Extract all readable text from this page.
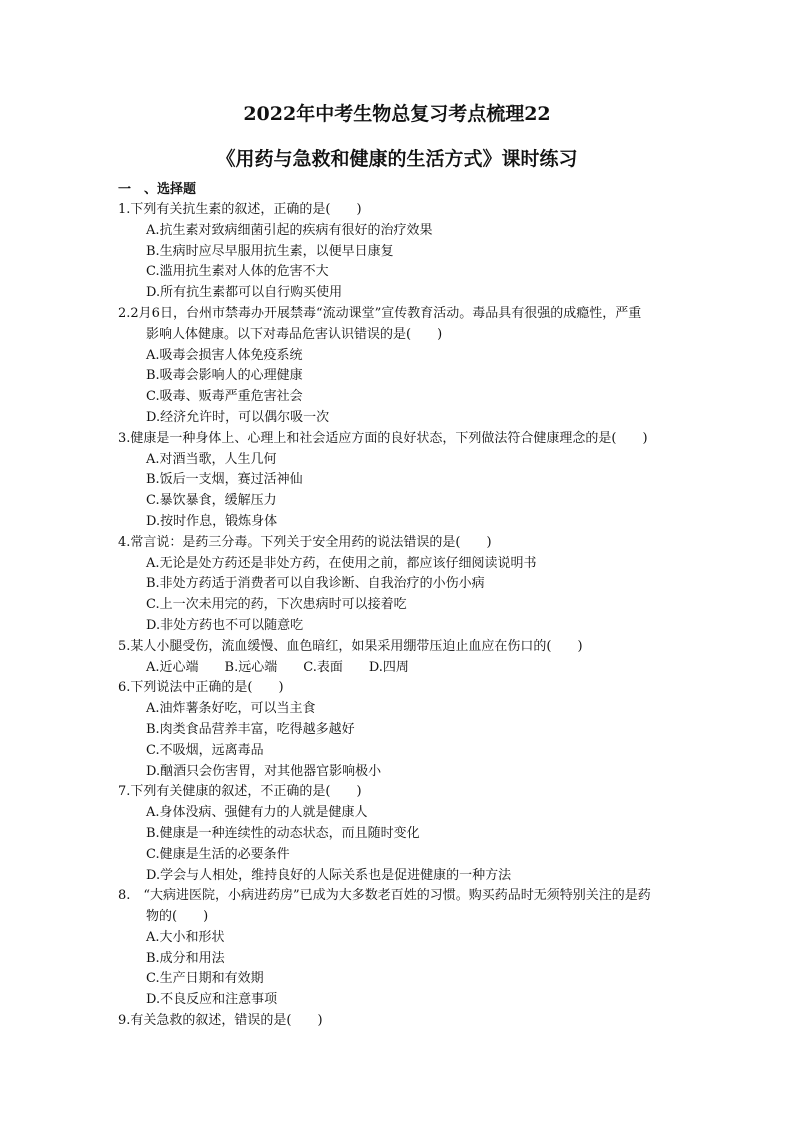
2022年中考生物总复习考点梳理22
《用药与急救和健康的生活方式》课时练习
一　、选择题
1.下列有关抗生素的叙述，正确的是(　　)
A.抗生素对致病细菌引起的疾病有很好的治疗效果
B.生病时应尽早服用抗生素，以便早日康复
C.滥用抗生素对人体的危害不大
D.所有抗生素都可以自行购买使用
2.2月6日，台州市禁毒办开展禁毒“流动课堂”宣传教育活动。毒品具有很强的成瘾性，严重
影响人体健康。以下对毒品危害认识错误的是(　　)
A.吸毒会损害人体免疫系统
B.吸毒会影响人的心理健康
C.吸毒、贩毒严重危害社会
D.经济允许时，可以偶尔吸一次
3.健康是一种身体上、心理上和社会适应方面的良好状态，下列做法符合健康理念的是(　　)
A.对酒当歌，人生几何
B.饭后一支烟，赛过活神仙
C.暴饮暴食，缓解压力
D.按时作息，锻炼身体
4.常言说：是药三分毒。下列关于安全用药的说法错误的是(　　)
A.无论是处方药还是非处方药，在使用之前，都应该仔细阅读说明书
B.非处方药适于消费者可以自我诊断、自我治疗的小伤小病
C.上一次未用完的药，下次患病时可以接着吃
D.非处方药也不可以随意吃
5.某人小腿受伤，流血缓慢、血色暗红，如果采用绷带压迫止血应在伤口的(　　)
A.近心端 B.远心端 C.表面 D.四周
6.下列说法中正确的是(　　)
A.油炸薯条好吃，可以当主食
B.肉类食品营养丰富，吃得越多越好
C.不吸烟，远离毒品
D.酗酒只会伤害胃，对其他器官影响极小
7.下列有关健康的叙述，不正确的是(　　)
A.身体没病、强健有力的人就是健康人
B.健康是一种连续性的动态状态，而且随时变化
C.健康是生活的必要条件
D.学会与人相处，维持良好的人际关系也是促进健康的一种方法
8.　“大病进医院，小病进药房”已成为大多数老百姓的习惯。购买药品时无须特别关注的是药
物的(　　)
A.大小和形状
B.成分和用法
C.生产日期和有效期
D.不良反应和注意事项
9.有关急救的叙述，错误的是(　　)
